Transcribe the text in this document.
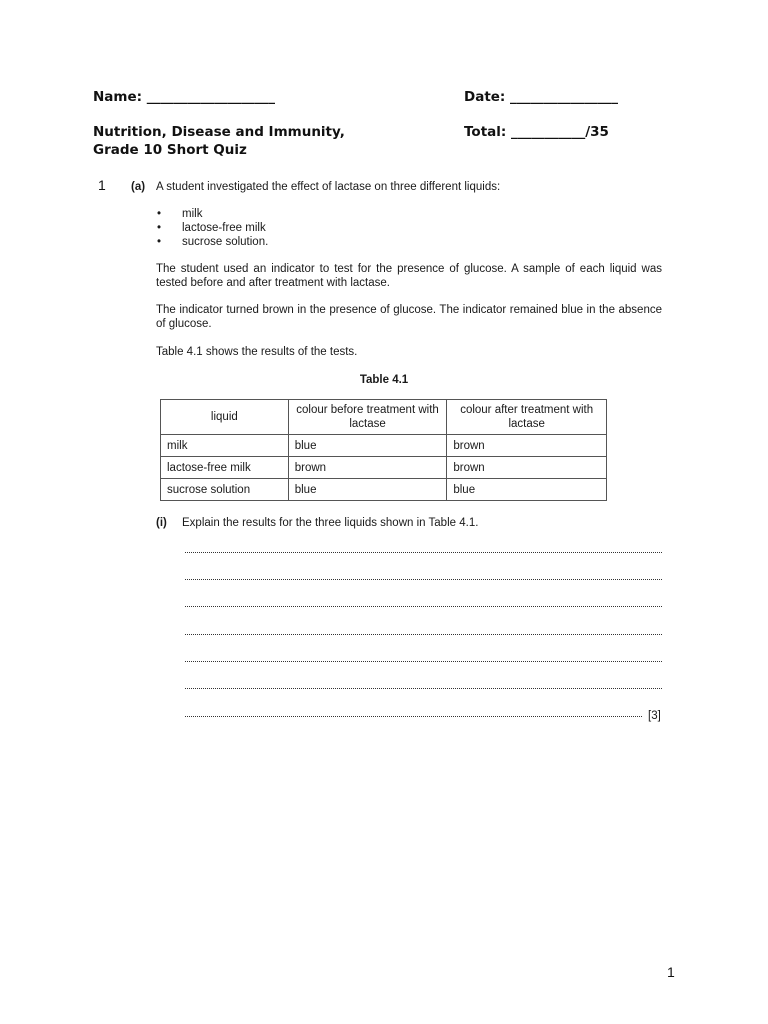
Name: ___________________	Date: ________________
Nutrition, Disease and Immunity,
Grade 10 Short Quiz
Total: ___________/35
1 (a) A student investigated the effect of lactase on three different liquids:
• milk
• lactose-free milk
• sucrose solution.
The student used an indicator to test for the presence of glucose. A sample of each liquid was tested before and after treatment with lactase.
The indicator turned brown in the presence of glucose. The indicator remained blue in the absence of glucose.
Table 4.1 shows the results of the tests.
Table 4.1
liquid	colour before treatment with lactase	colour after treatment with lactase
milk	blue	brown
lactose-free milk	brown	brown
sucrose solution	blue	blue
(i) Explain the results for the three liquids shown in Table 4.1.
[3]
1
